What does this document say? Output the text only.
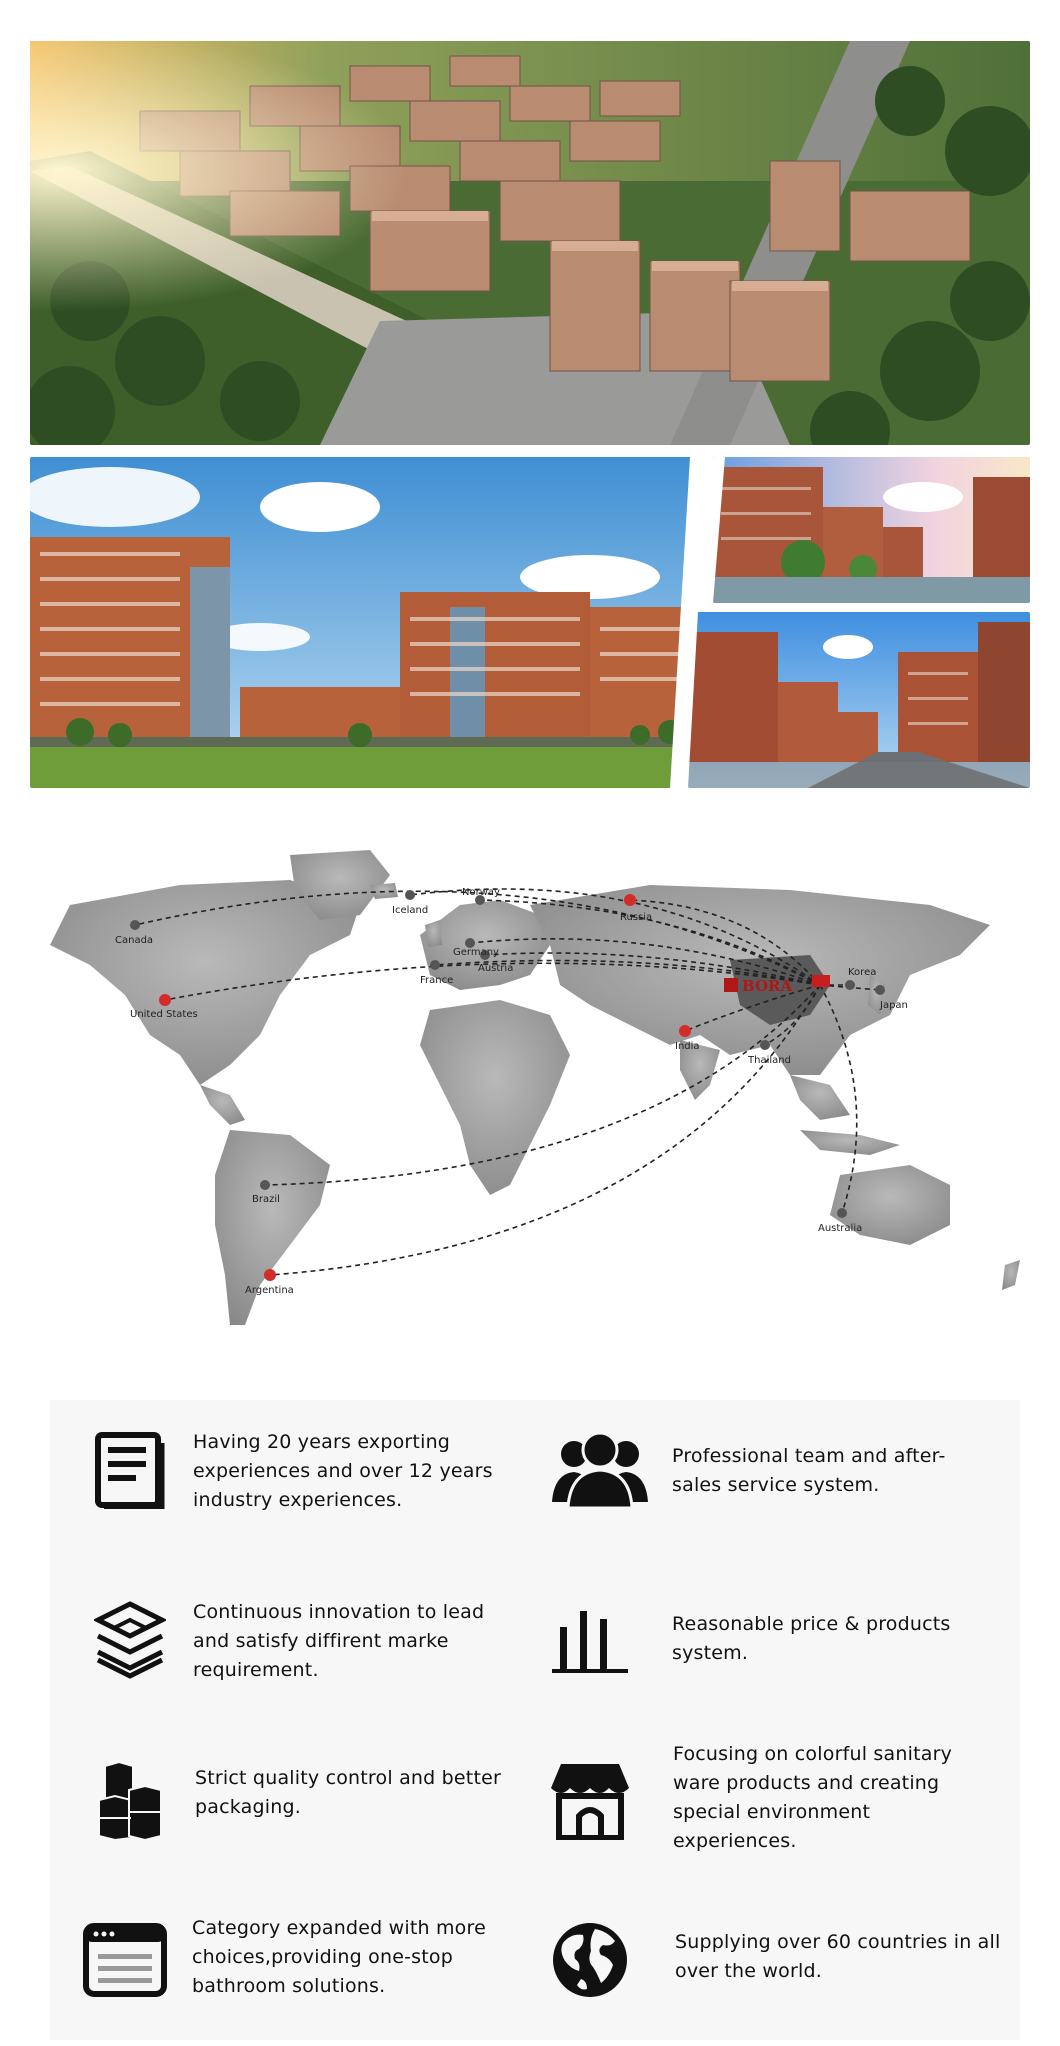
Iceland
Norway
Russia
Canada
Germany
Austria
France
United States
India
Thailand
Korea
Japan
Brazil
Argentina
Australia
BORA
Having 20 years exporting experiences and over 12 years industry experiences.
Professional team and after-sales service system.
Continuous innovation to lead and satisfy diffirent marke requirement.
Reasonable price & products system.
Strict quality control and better packaging.
Focusing on colorful sanitary ware products and creating special environment experiences.
Category expanded with more choices,providing one-stop bathroom solutions.
Supplying over 60 countries in all over the world.
